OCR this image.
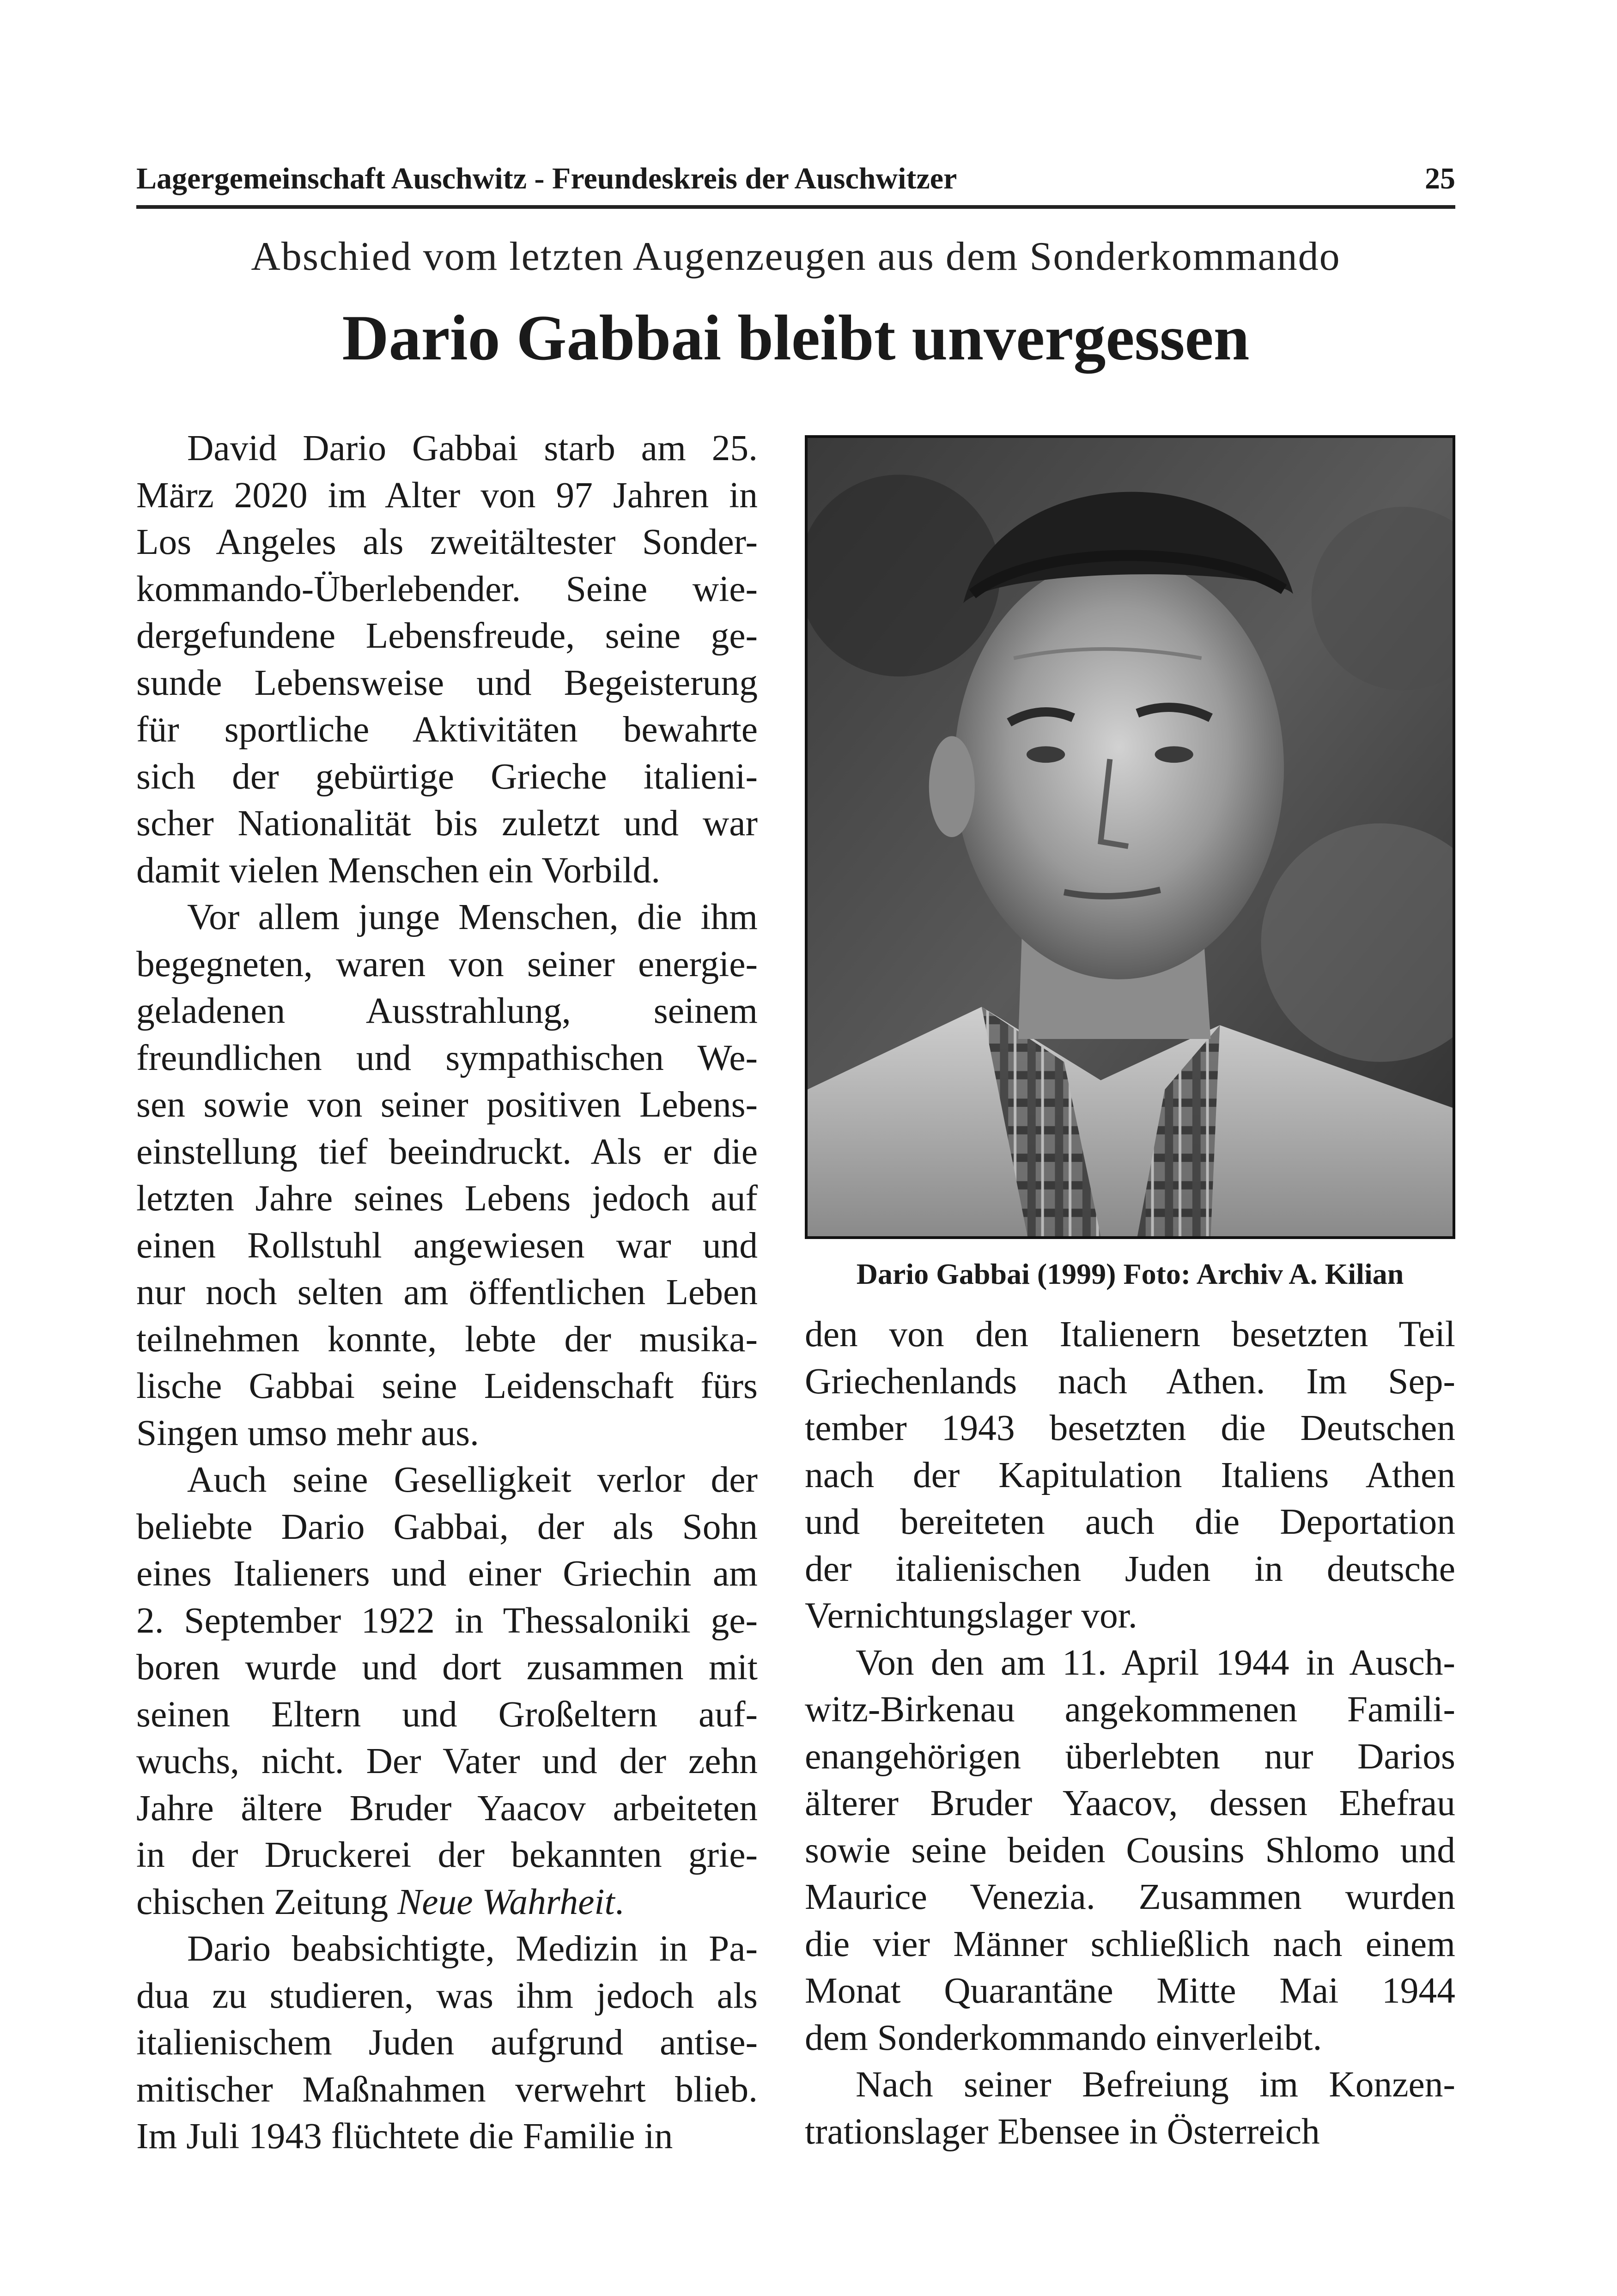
Lagergemeinschaft Auschwitz - Freundeskreis der Auschwitzer	25
Abschied vom letzten Augenzeugen aus dem Sonderkommando
Dario Gabbai bleibt unvergessen

David Dario Gabbai starb am 25.
März 2020 im Alter von 97 Jahren in
Los Angeles als zweitältester Sonder-
kommando-Überlebender. Seine wie-
dergefundene Lebensfreude, seine ge-
sunde Lebensweise und Begeisterung
für sportliche Aktivitäten bewahrte
sich der gebürtige Grieche italieni-
scher Nationalität bis zuletzt und war
damit vielen Menschen ein Vorbild.

Vor allem junge Menschen, die ihm
begegneten, waren von seiner energie-
geladenen Ausstrahlung, seinem
freundlichen und sympathischen We-
sen sowie von seiner positiven Lebens-
einstellung tief beeindruckt. Als er die
letzten Jahre seines Lebens jedoch auf
einen Rollstuhl angewiesen war und
nur noch selten am öffentlichen Leben
teilnehmen konnte, lebte der musika-
lische Gabbai seine Leidenschaft fürs
Singen umso mehr aus.

Auch seine Geselligkeit verlor der
beliebte Dario Gabbai, der als Sohn
eines Italieners und einer Griechin am
2. September 1922 in Thessaloniki ge-
boren wurde und dort zusammen mit
seinen Eltern und Großeltern auf-
wuchs, nicht. Der Vater und der zehn
Jahre ältere Bruder Yaacov arbeiteten
in der Druckerei der bekannten grie-
chischen Zeitung Neue Wahrheit.

Dario beabsichtigte, Medizin in Pa-
dua zu studieren, was ihm jedoch als
italienischem Juden aufgrund antise-
mitischer Maßnahmen verwehrt blieb.
Im Juli 1943 flüchtete die Familie in

Dario Gabbai (1999) Foto: Archiv A. Kilian

den von den Italienern besetzten Teil
Griechenlands nach Athen. Im Sep-
tember 1943 besetzten die Deutschen
nach der Kapitulation Italiens Athen
und bereiteten auch die Deportation
der italienischen Juden in deutsche
Vernichtungslager vor.

Von den am 11. April 1944 in Ausch-
witz-Birkenau angekommenen Famili-
enangehörigen überlebten nur Darios
älterer Bruder Yaacov, dessen Ehefrau
sowie seine beiden Cousins Shlomo und
Maurice Venezia. Zusammen wurden
die vier Männer schließlich nach einem
Monat Quarantäne Mitte Mai 1944
dem Sonderkommando einverleibt.

Nach seiner Befreiung im Konzen-
trationslager Ebensee in Österreich
